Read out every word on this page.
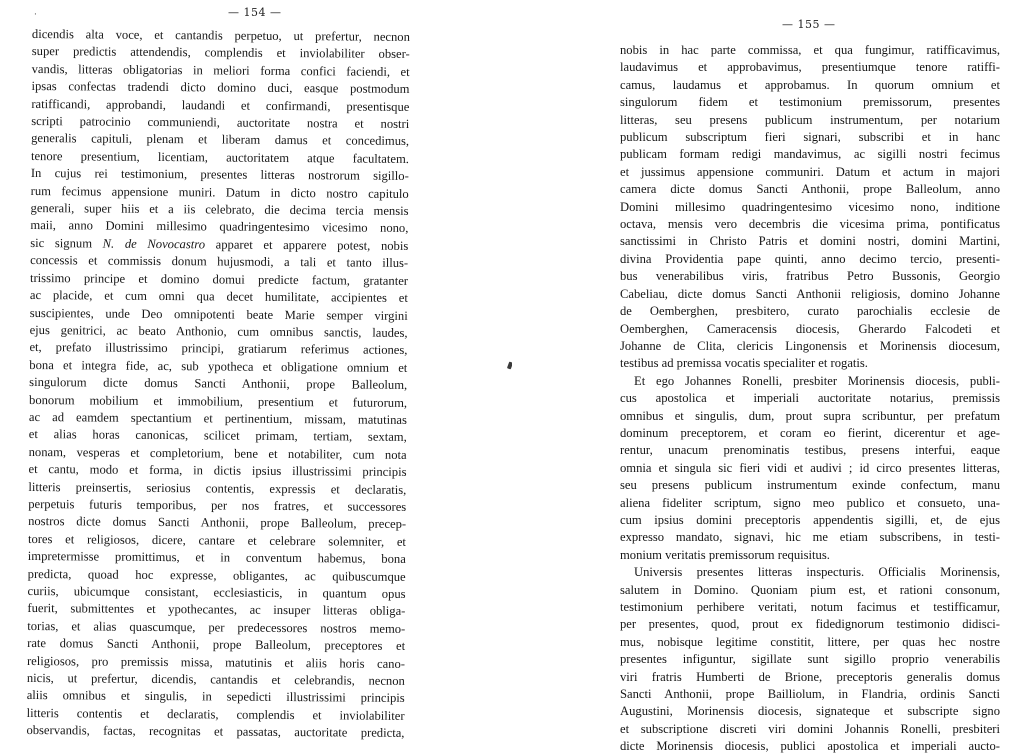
— 154 —
·
dicendis alta voce, et cantandis perpetuo, ut prefertur, necnon
super predictis attendendis, complendis et inviolabiliter obser-
vandis, litteras obligatorias in meliori forma confici faciendi, et
ipsas confectas tradendi dicto domino duci, easque postmodum
ratifficandi, approbandi, laudandi et confirmandi, presentisque
scripti patrocinio communiendi, auctoritate nostra et nostri
generalis capituli, plenam et liberam damus et concedimus,
tenore presentium, licentiam, auctoritatem atque facultatem.
In cujus rei testimonium, presentes litteras nostrorum sigillo-
rum fecimus appensione muniri. Datum in dicto nostro capitulo
generali, super hiis et a iis celebrato, die decima tercia mensis
maii, anno Domini millesimo quadringentesimo vicesimo nono,
sic signum N. de Novocastro apparet et apparere potest, nobis
concessis et commissis donum hujusmodi, a tali et tanto illus-
trissimo principe et domino domui predicte factum, gratanter
ac placide, et cum omni qua decet humilitate, accipientes et
suscipientes, unde Deo omnipotenti beate Marie semper virgini
ejus genitrici, ac beato Anthonio, cum omnibus sanctis, laudes,
et, prefato illustrissimo principi, gratiarum referimus actiones,
bona et integra fide, ac, sub ypotheca et obligatione omnium et
singulorum dicte domus Sancti Anthonii, prope Balleolum,
bonorum mobilium et immobilium, presentium et futurorum,
ac ad eamdem spectantium et pertinentium, missam, matutinas
et alias horas canonicas, scilicet primam, tertiam, sextam,
nonam, vesperas et completorium, bene et notabiliter, cum nota
et cantu, modo et forma, in dictis ipsius illustrissimi principis
litteris preinsertis, seriosius contentis, expressis et declaratis,
perpetuis futuris temporibus, per nos fratres, et successores
nostros dicte domus Sancti Anthonii, prope Balleolum, precep-
tores et religiosos, dicere, cantare et celebrare solemniter, et
impretermisse promittimus, et in conventum habemus, bona
predicta, quoad hoc expresse, obligantes, ac quibuscumque
curiis, ubicumque consistant, ecclesiasticis, in quantum opus
fuerit, submittentes et ypothecantes, ac insuper litteras obliga-
torias, et alias quascumque, per predecessores nostros memo-
rate domus Sancti Anthonii, prope Balleolum, preceptores et
religiosos, pro premissis missa, matutinis et aliis horis cano-
nicis, ut prefertur, dicendis, cantandis et celebrandis, necnon
aliis omnibus et singulis, in sepedicti illustrissimi principis
litteris contentis et declaratis, complendis et inviolabiliter
observandis, factas, recognitas et passatas, auctoritate predicta,
— 155 —
nobis in hac parte commissa, et qua fungimur, ratifficavimus,
laudavimus et approbavimus, presentiumque tenore ratiffi-
camus, laudamus et approbamus. In quorum omnium et
singulorum fidem et testimonium premissorum, presentes
litteras, seu presens publicum instrumentum, per notarium
publicum subscriptum fieri signari, subscribi et in hanc
publicam formam redigi mandavimus, ac sigilli nostri fecimus
et jussimus appensione communiri. Datum et actum in majori
camera dicte domus Sancti Anthonii, prope Balleolum, anno
Domini millesimo quadringentesimo vicesimo nono, inditione
octava, mensis vero decembris die vicesima prima, pontificatus
sanctissimi in Christo Patris et domini nostri, domini Martini,
divina Providentia pape quinti, anno decimo tercio, presenti-
bus venerabilibus viris, fratribus Petro Bussonis, Georgio
Cabeliau, dicte domus Sancti Anthonii religiosis, domino Johanne
de Oemberghen, presbitero, curato parochialis ecclesie de
Oemberghen, Cameracensis diocesis, Gherardo Falcodeti et
Johanne de Clita, clericis Lingonensis et Morinensis diocesum,
testibus ad premissa vocatis specialiter et rogatis.
Et ego Johannes Ronelli, presbiter Morinensis diocesis, publi-
cus apostolica et imperiali auctoritate notarius, premissis
omnibus et singulis, dum, prout supra scribuntur, per prefatum
dominum preceptorem, et coram eo fierint, dicerentur et age-
rentur, unacum prenominatis testibus, presens interfui, eaque
omnia et singula sic fieri vidi et audivi ; id circo presentes litteras,
seu presens publicum instrumentum exinde confectum, manu
aliena fideliter scriptum, signo meo publico et consueto, una-
cum ipsius domini preceptoris appendentis sigilli, et, de ejus
expresso mandato, signavi, hic me etiam subscribens, in testi-
monium veritatis premissorum requisitus.
Universis presentes litteras inspecturis. Officialis Morinensis,
salutem in Domino. Quoniam pium est, et rationi consonum,
testimonium perhibere veritati, notum facimus et testifficamur,
per presentes, quod, prout ex fidedignorum testimonio didisci-
mus, nobisque legitime constitit, littere, per quas hec nostre
presentes infiguntur, sigillate sunt sigillo proprio venerabilis
viri fratris Humberti de Brione, preceptoris generalis domus
Sancti Anthonii, prope Bailliolum, in Flandria, ordinis Sancti
Augustini, Morinensis diocesis, signateque et subscripte signo
et subscriptione discreti viri domini Johannis Ronelli, presbiteri
dicte Morinensis diocesis, publici apostolica et imperiali aucto-
